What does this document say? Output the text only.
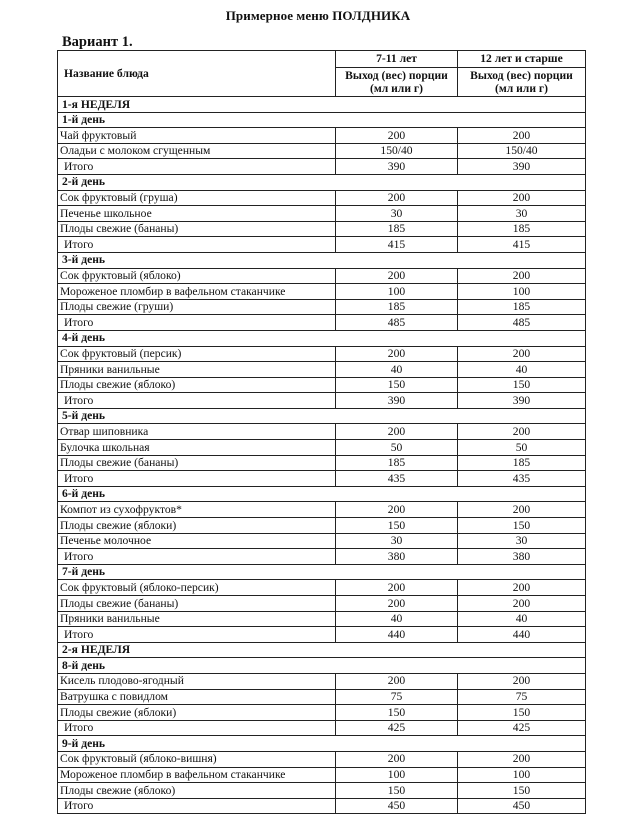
Примерное меню ПОЛДНИКА
Вариант 1.
Название блюда	7-11 лет	12 лет и старше
	Выход (вес) порции (мл или г)	Выход (вес) порции (мл или г)
1-я НЕДЕЛЯ		
1-й день		
Чай фруктовый	200	200
Оладьи с молоком сгущенным	150/40	150/40
Итого	390	390
2-й день		
Сок фруктовый (груша)	200	200
Печенье школьное	30	30
Плоды свежие (бананы)	185	185
Итого	415	415
3-й день		
Сок фруктовый (яблоко)	200	200
Мороженое пломбир в вафельном стаканчике	100	100
Плоды свежие (груши)	185	185
Итого	485	485
4-й день		
Сок фруктовый (персик)	200	200
Пряники ванильные	40	40
Плоды свежие (яблоко)	150	150
Итого	390	390
5-й день		
Отвар шиповника	200	200
Булочка школьная	50	50
Плоды свежие (бананы)	185	185
Итого	435	435
6-й день		
Компот из сухофруктов*	200	200
Плоды свежие (яблоки)	150	150
Печенье молочное	30	30
Итого	380	380
7-й день		
Сок фруктовый (яблоко-персик)	200	200
Плоды свежие (бананы)	200	200
Пряники ванильные	40	40
Итого	440	440
2-я НЕДЕЛЯ		
8-й день		
Кисель плодово-ягодный	200	200
Ватрушка с повидлом	75	75
Плоды свежие (яблоки)	150	150
Итого	425	425
9-й день		
Сок фруктовый (яблоко-вишня)	200	200
Мороженое пломбир в вафельном стаканчике	100	100
Плоды свежие (яблоко)	150	150
Итого	450	450
